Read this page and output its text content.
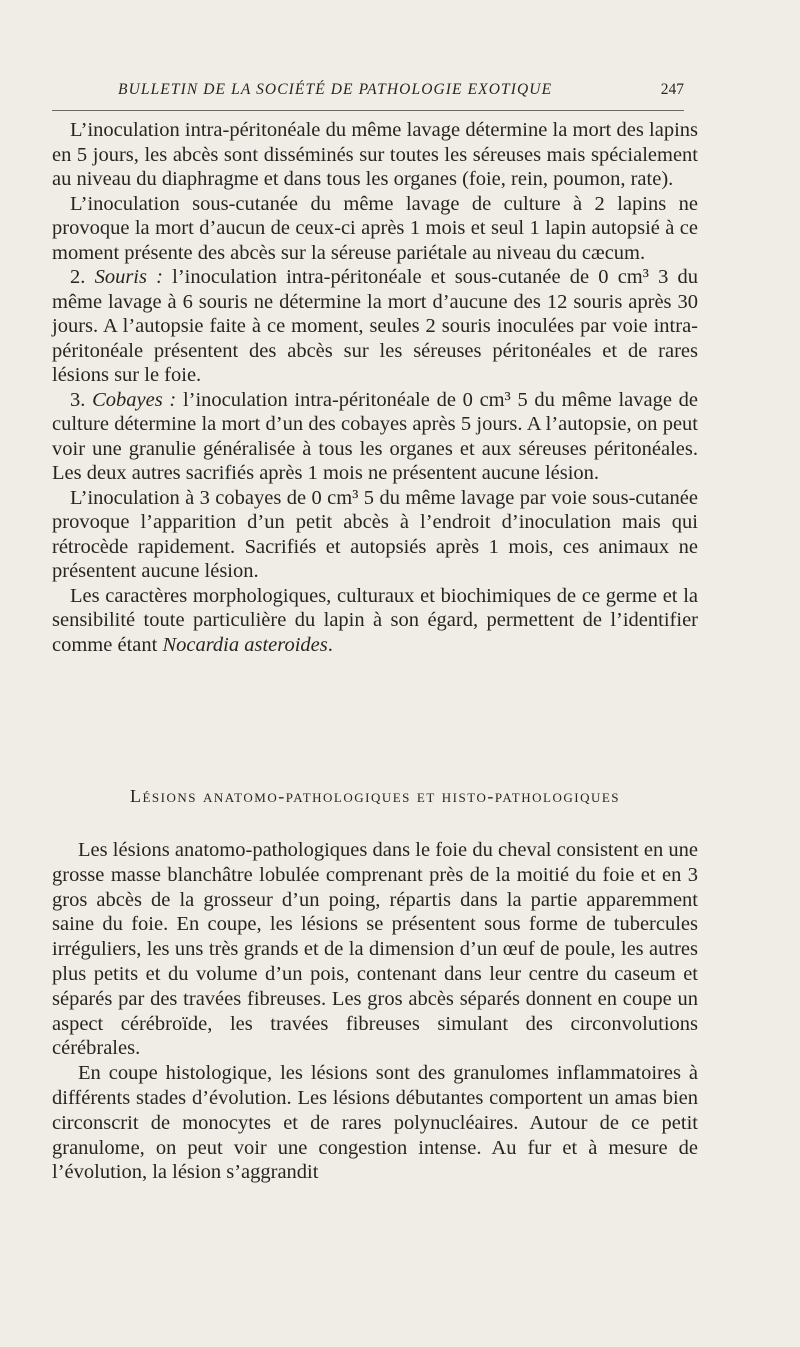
BULLETIN DE LA SOCIÉTÉ DE PATHOLOGIE EXOTIQUE	247

L’inoculation intra-péritonéale du même lavage détermine la mort des lapins en 5 jours, les abcès sont disséminés sur toutes les séreuses mais spécialement au niveau du diaphragme et dans tous les organes (foie, rein, poumon, rate).

L’inoculation sous-cutanée du même lavage de culture à 2 lapins ne provoque la mort d’aucun de ceux-ci après 1 mois et seul 1 lapin autopsié à ce moment présente des abcès sur la séreuse pariétale au niveau du cæcum.

2. Souris : l’inoculation intra-péritonéale et sous-cutanée de 0 cm³ 3 du même lavage à 6 souris ne détermine la mort d’aucune des 12 souris après 30 jours. A l’autopsie faite à ce moment, seules 2 souris inoculées par voie intra-péritonéale présentent des abcès sur les séreuses péritonéales et de rares lésions sur le foie.

3. Cobayes : l’inoculation intra-péritonéale de 0 cm³ 5 du même lavage de culture détermine la mort d’un des cobayes après 5 jours. A l’autopsie, on peut voir une granulie généralisée à tous les organes et aux séreuses péritonéales. Les deux autres sacrifiés après 1 mois ne présentent aucune lésion.

L’inoculation à 3 cobayes de 0 cm³ 5 du même lavage par voie sous-cutanée provoque l’apparition d’un petit abcès à l’endroit d’inoculation mais qui rétrocède rapidement. Sacrifiés et autopsiés après 1 mois, ces animaux ne présentent aucune lésion.

Les caractères morphologiques, culturaux et biochimiques de ce germe et la sensibilité toute particulière du lapin à son égard, permettent de l’identifier comme étant Nocardia asteroides.

Lésions anatomo-pathologiques et histo-pathologiques

Les lésions anatomo-pathologiques dans le foie du cheval consistent en une grosse masse blanchâtre lobulée comprenant près de la moitié du foie et en 3 gros abcès de la grosseur d’un poing, répartis dans la partie apparemment saine du foie. En coupe, les lésions se présentent sous forme de tubercules irréguliers, les uns très grands et de la dimension d’un œuf de poule, les autres plus petits et du volume d’un pois, contenant dans leur centre du caseum et séparés par des travées fibreuses. Les gros abcès séparés donnent en coupe un aspect cérébroïde, les travées fibreuses simulant des circonvolutions cérébrales.

En coupe histologique, les lésions sont des granulomes inflammatoires à différents stades d’évolution. Les lésions débutantes comportent un amas bien circonscrit de monocytes et de rares polynucléaires. Autour de ce petit granulome, on peut voir une congestion intense. Au fur et à mesure de l’évolution, la lésion s’aggrandit
